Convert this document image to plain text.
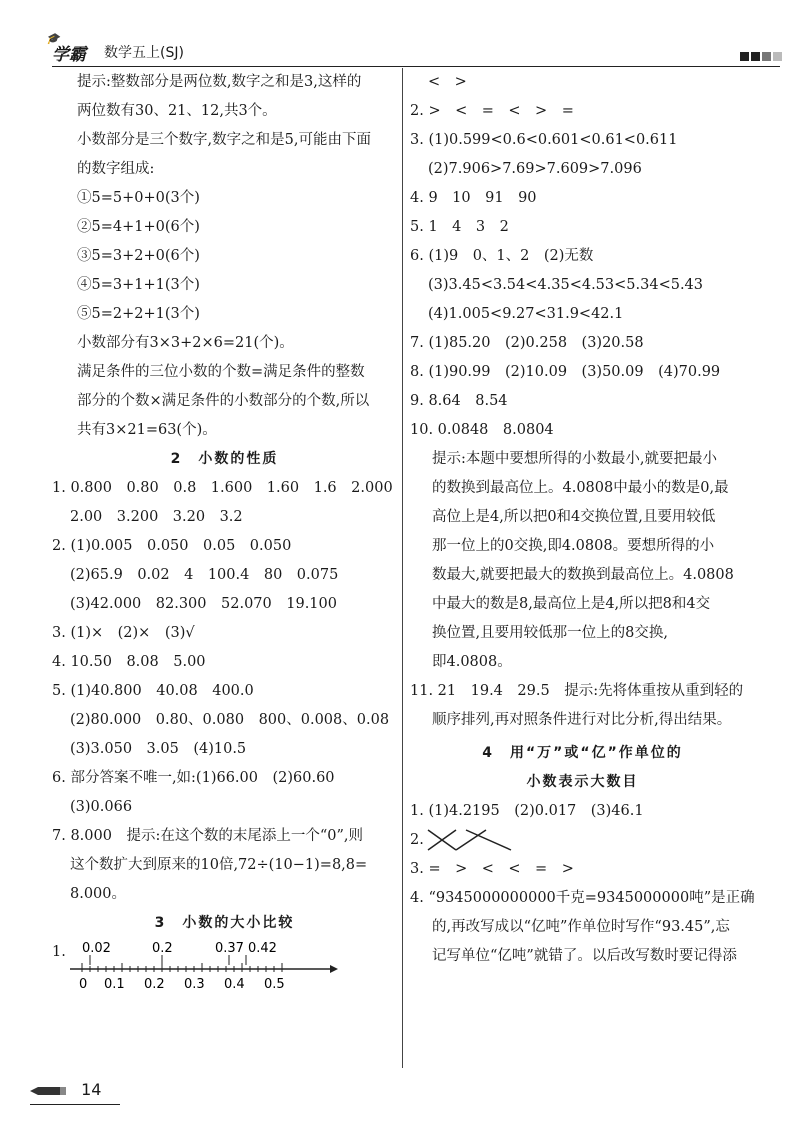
🎓
学霸 数学五上(SJ)
提示:整数部分是两位数,数字之和是3,这样的
两位数有30、21、12,共3个。
小数部分是三个数字,数字之和是5,可能由下面
的数字组成:
①5=5+0+0(3个)
②5=4+1+0(6个)
③5=3+2+0(6个)
④5=3+1+1(3个)
⑤5=2+2+1(3个)
小数部分有3×3+2×6=21(个)。
满足条件的三位小数的个数=满足条件的整数
部分的个数×满足条件的小数部分的个数,所以
共有3×21=63(个)。
2　小数的性质
1. 0.800　0.80　0.8　1.600　1.60　1.6　2.000
2.00　3.200　3.20　3.2
2. (1)0.005　0.050　0.05　0.050
(2)65.9　0.02　4　100.4　80　0.075
(3)42.000　82.300　52.070　19.100
3. (1)×　(2)×　(3)√
4. 10.50　8.08　5.00
5. (1)40.800　40.08　400.0
(2)80.000　0.80、0.080　800、0.008、0.08
(3)3.050　3.05　(4)10.5
6. 部分答案不唯一,如:(1)66.00　(2)60.60
(3)0.066
7. 8.000　提示:在这个数的末尾添上一个“0”,则
这个数扩大到原来的10倍,72÷(10−1)=8,8=
8.000。
3　小数的大小比较
1. 0.02	0.2	0.37 0.42
0 0.1 0.2 0.3 0.4 0.5
<　>
2. >　<　=　<　>　=
3. (1)0.599<0.6<0.601<0.61<0.611
(2)7.906>7.69>7.609>7.096
4. 9　10　91　90
5. 1　4　3　2
6. (1)9　0、1、2　(2)无数
(3)3.45<3.54<4.35<4.53<5.34<5.43
(4)1.005<9.27<31.9<42.1
7. (1)85.20　(2)0.258　(3)20.58
8. (1)90.99　(2)10.09　(3)50.09　(4)70.99
9. 8.64　8.54
10. 0.0848　8.0804
提示:本题中要想所得的小数最小,就要把最小
的数换到最高位上。4.0808中最小的数是0,最
高位上是4,所以把0和4交换位置,且要用较低
那一位上的0交换,即4.0808。要想所得的小
数最大,就要把最大的数换到最高位上。4.0808
中最大的数是8,最高位上是4,所以把8和4交
换位置,且要用较低那一位上的8交换,
即4.0808。
11. 21　19.4　29.5　提示:先将体重按从重到轻的
顺序排列,再对照条件进行对比分析,得出结果。
4　用“万”或“亿”作单位的
小数表示大数目
1. (1)4.2195　(2)0.017　(3)46.1
2.
3. =　>　<　<　=　>
4. “9345000000000千克=9345000000吨”是正确
的,再改写成以“亿吨”作单位时写作“93.45”,忘
记写单位“亿吨”就错了。以后改写数时要记得添
14
